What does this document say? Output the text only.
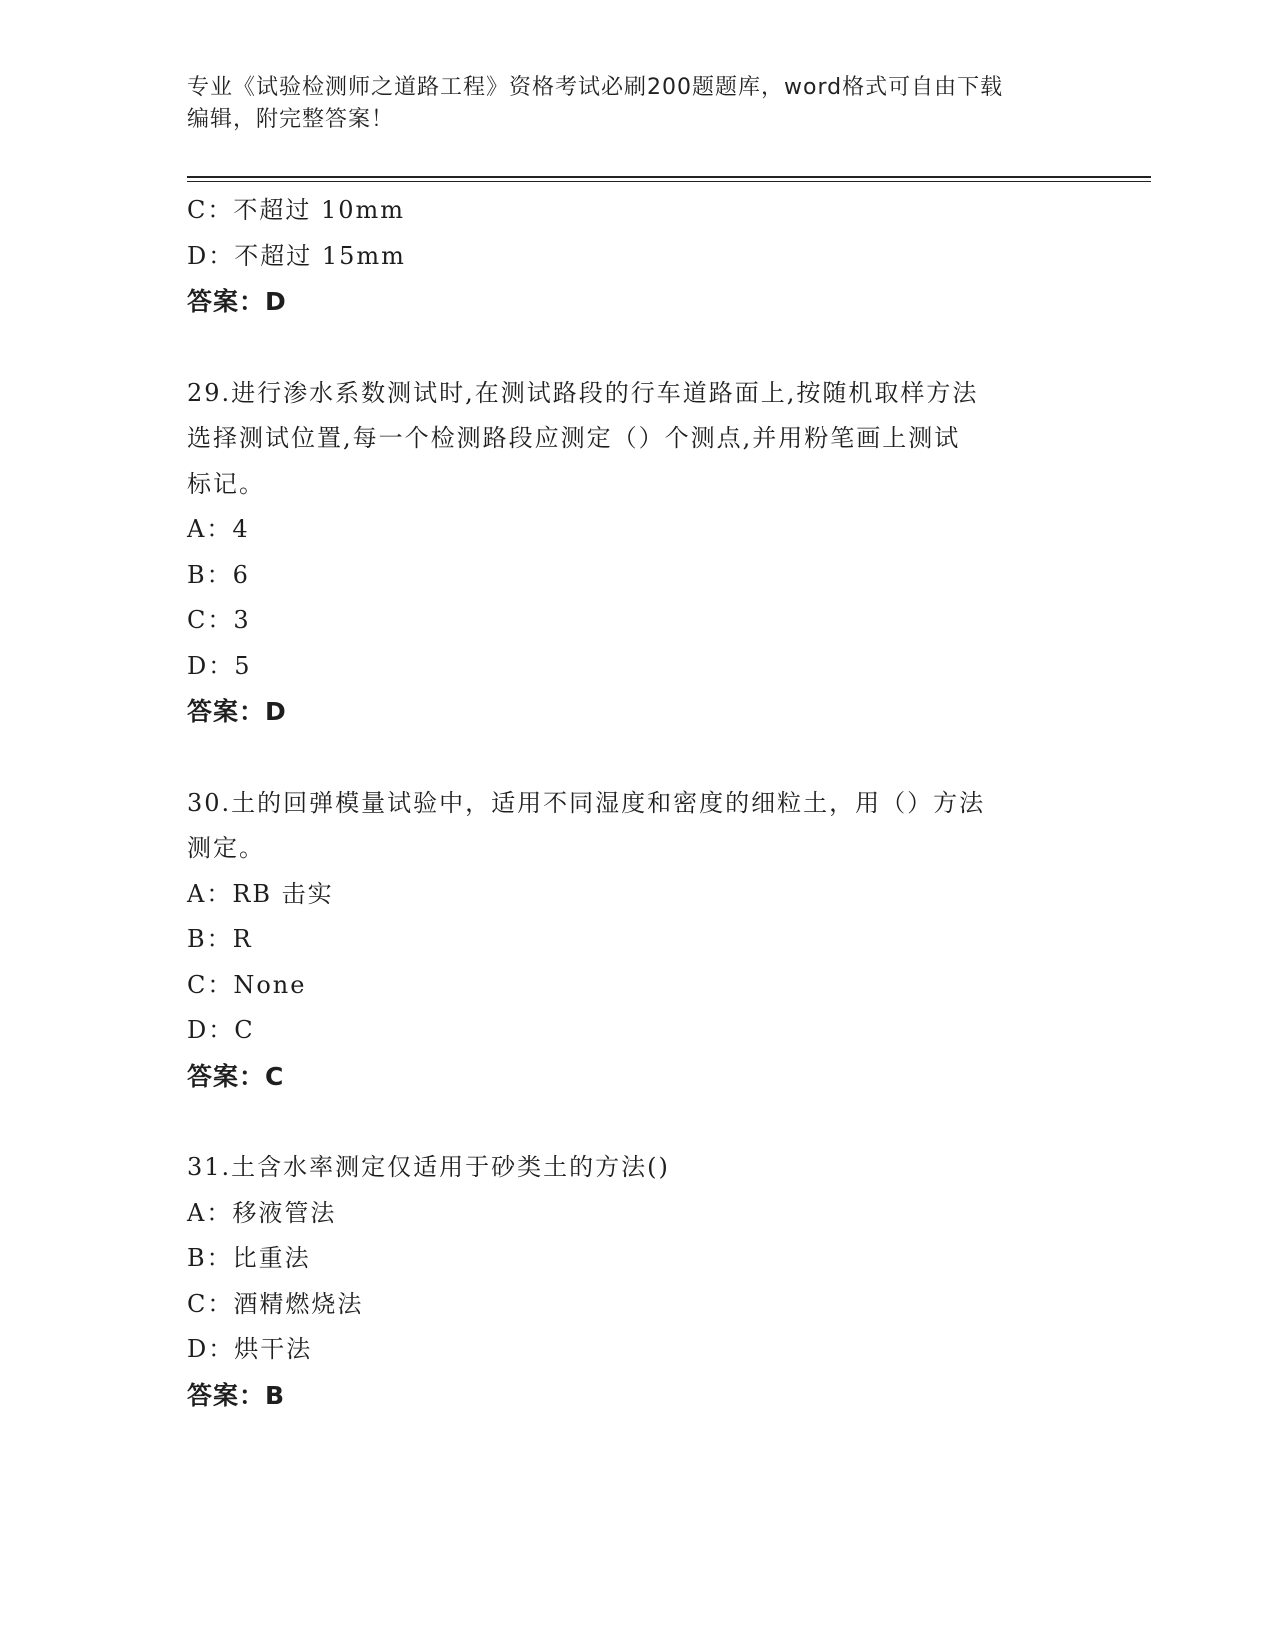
专业《试验检测师之道路工程》资格考试必刷200题题库，word格式可自由下载
编辑，附完整答案！
C：不超过 10mm
D：不超过 15mm
答案：D
29.进行渗水系数测试时,在测试路段的行车道路面上,按随机取样方法
选择测试位置,每一个检测路段应测定（）个测点,并用粉笔画上测试
标记。
A：4
B：6
C：3
D：5
答案：D
30.土的回弹模量试验中，适用不同湿度和密度的细粒土，用（）方法
测定。
A：RB 击实
B：R
C：None
D：C
答案：C
31.土含水率测定仅适用于砂类土的方法()
A：移液管法
B：比重法
C：酒精燃烧法
D：烘干法
答案：B
